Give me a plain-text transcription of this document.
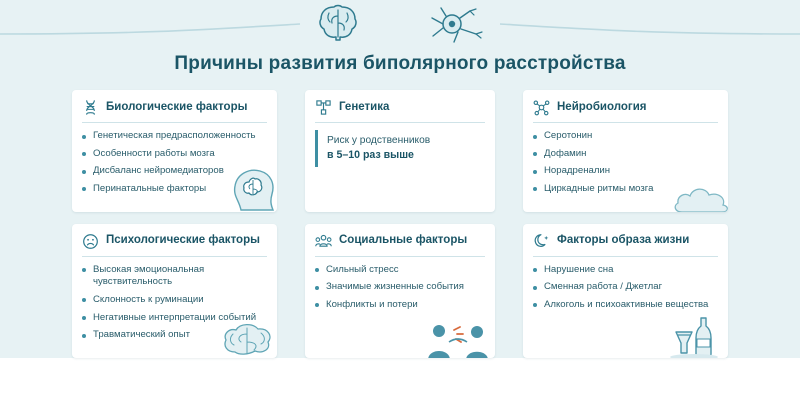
Причины развития биполярного расстройства
Биологические факторы
Генетическая предрасположенность
Особенности работы мозга
Дисбаланс нейромедиаторов
Перинатальные факторы
Генетика
Риск у родственников
в 5–10 раз выше
Нейробиология
Серотонин
Дофамин
Норадреналин
Циркадные ритмы мозга
Психологические факторы
Высокая эмоциональная чувствительность
Склонность к руминации
Негативные интерпретации событий
Травматический опыт
Социальные факторы
Сильный стресс
Значимые жизненные события
Конфликты и потери
Факторы образа жизни
Нарушение сна
Сменная работа / Джетлаг
Алкоголь и психоактивные вещества
